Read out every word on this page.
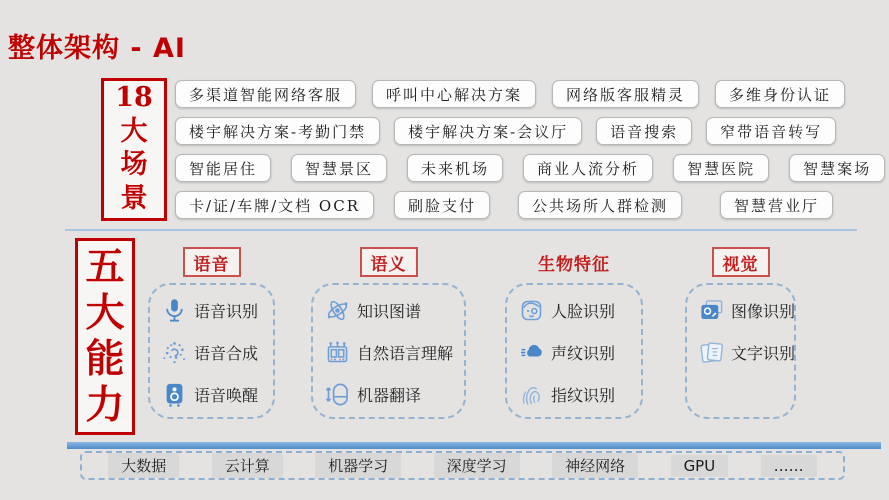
整体架构 - AI
18
大
场
景
多渠道智能网络客服	呼叫中心解决方案	网络版客服精灵	多维身份认证
楼宇解决方案-考勤门禁	楼宇解决方案-会议厅	语音搜索	窄带语音转写
智能居住	智慧景区	未来机场	商业人流分析	智慧医院	智慧案场
卡/证/车牌/文档 OCR	刷脸支付	公共场所人群检测	智慧营业厅
五
大
能
力
语音
语音识别
语音合成
语音唤醒
语义
知识图谱
自然语言理解
机器翻译
生物特征
人脸识别
声纹识别
指纹识别
视觉
图像识别
文字识别
大数据	云计算	机器学习	深度学习	神经网络	GPU	……
